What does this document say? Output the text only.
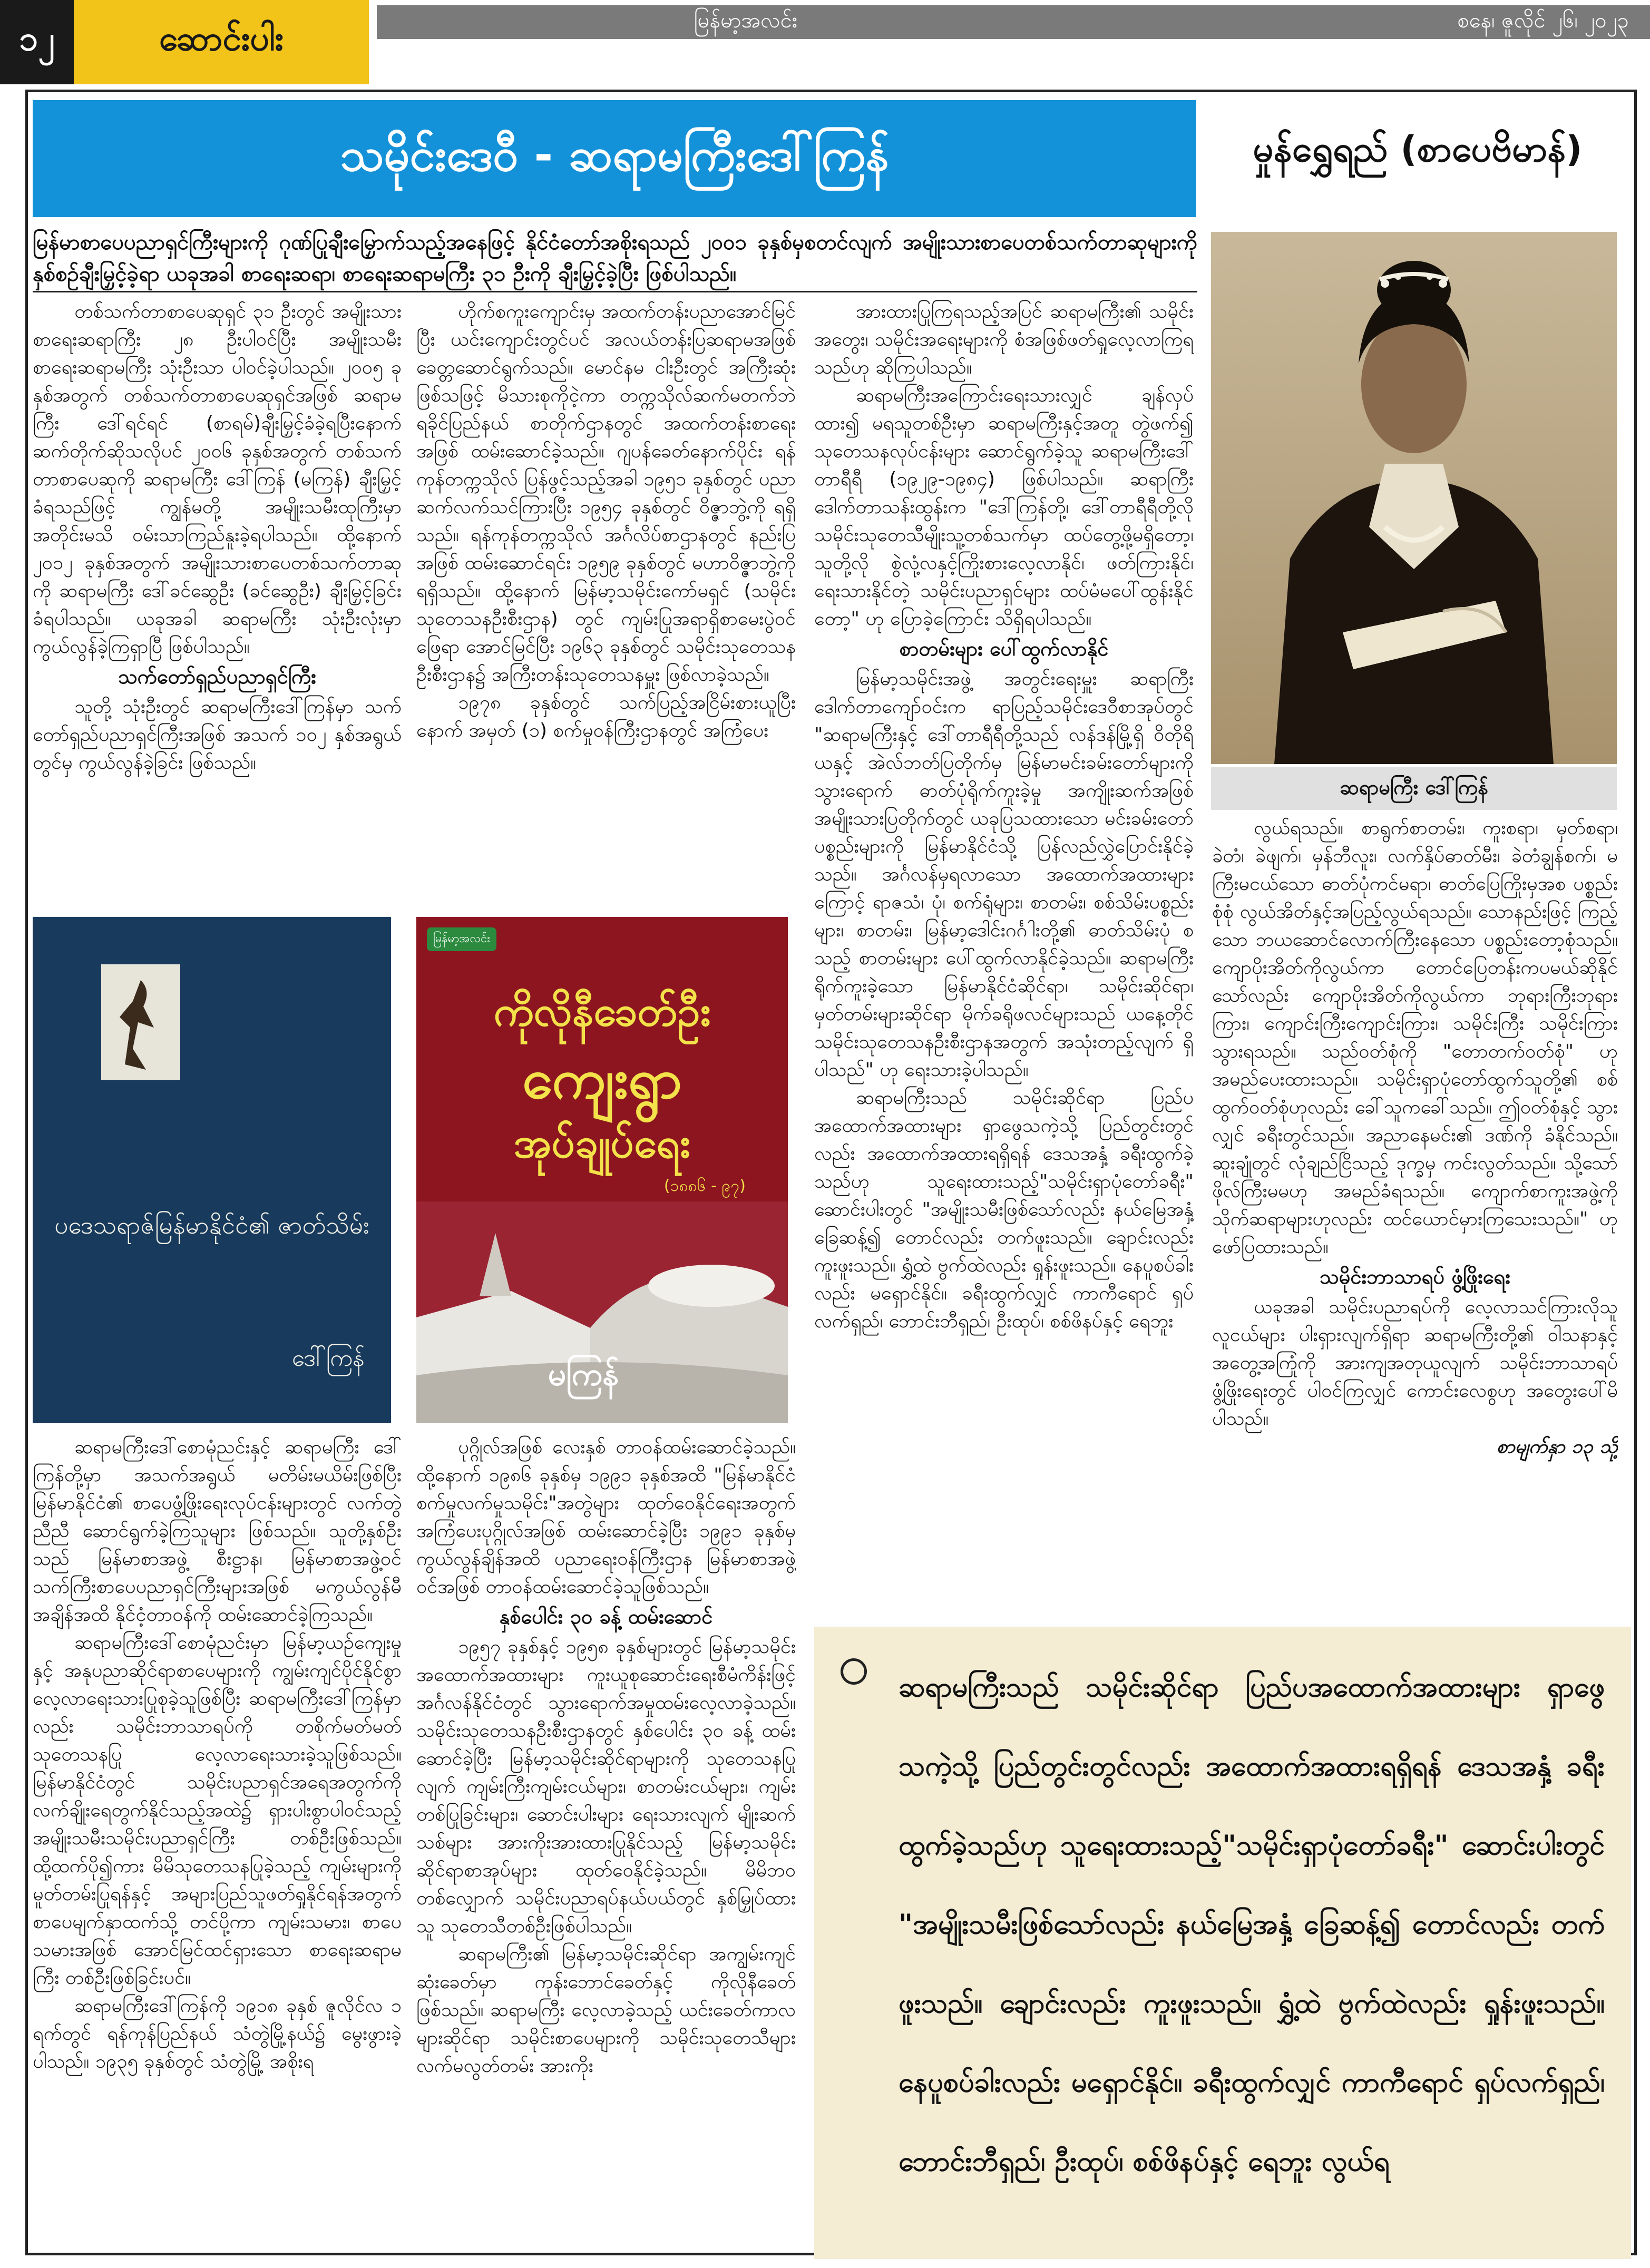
၁၂	ဆောင်းပါး	မြန်မာ့အလင်း	စနေ၊ ဇူလိုင် ၂၆၊ ၂၀၂၃
သမိုင်းဒေဝီ - ဆရာမကြီးဒေါ်ကြန်	မှုန်ရွှေရည် (စာပေဗိမာန်)
မြန်မာစာပေပညာရှင်ကြီးများကို ဂုဏ်ပြုချီးမြှောက်သည့်အနေဖြင့် နိုင်ငံတော်အစိုးရသည် ၂၀၀၁ ခုနှစ်မှစတင်လျက် အမျိုးသားစာပေတစ်သက်တာဆုများကို နှစ်စဉ်ချီးမြှင့်ခဲ့ရာ ယခုအခါ စာရေးဆရာ၊ စာရေးဆရာမကြီး ၃၁ ဦးကို ချီးမြှင့်ခဲ့ပြီး ဖြစ်ပါသည်။
ဆရာမကြီး ဒေါ်ကြန်

တစ်သက်တာစာပေဆုရှင် ၃၁ ဦးတွင် အမျိုးသားစာရေးဆရာကြီး ၂၈ ဦးပါဝင်ပြီး အမျိုးသမီး စာရေးဆရာမကြီး သုံးဦးသာ ပါဝင်ခဲ့ပါသည်။ ၂၀၀၅ ခုနှစ်အတွက် တစ်သက်တာစာပေဆုရှင်အဖြစ် ဆရာမကြီး ဒေါ်ရင်ရင် (စာရမ်)ချီးမြှင့်ခံခဲ့ရပြီးနောက် ဆက်တိုက်ဆိုသလိုပင် ၂၀၀၆ ခုနှစ်အတွက် တစ်သက်တာစာပေဆုကို ဆရာမကြီး ဒေါ်ကြန် (မကြန်) ချီးမြှင့်ခံရသည်ဖြင့် ကျွန်မတို့ အမျိုးသမီးထုကြီးမှာ အတိုင်းမသိ ဝမ်းသာကြည်နူးခဲ့ရပါသည်။ ထို့နောက် ၂၀၁၂ ခုနှစ်အတွက် အမျိုးသားစာပေတစ်သက်တာဆုကို ဆရာမကြီး ဒေါ်ခင်ဆွေဦး (ခင်ဆွေဦး) ချီးမြှင့်ခြင်းခံရပါသည်။ ယခုအခါ ဆရာမကြီး သုံးဦးလုံးမှာ ကွယ်လွန်ခဲ့ကြရှာပြီ ဖြစ်ပါသည်။

သက်တော်ရှည်ပညာရှင်ကြီး

သူတို့ သုံးဦးတွင် ဆရာမကြီးဒေါ်ကြန်မှာ သက်တော်ရှည်ပညာရှင်ကြီးအဖြစ် အသက် ၁၀၂ နှစ်အရွယ်တွင်မှ ကွယ်လွန်ခဲ့ခြင်း ဖြစ်သည်။

ပဒေသရာဇ်မြန်မာနိုင်ငံ၏ ဇာတ်သိမ်း
ဒေါ်ကြန်

ဆရာမကြီးဒေါ်စောမုံညင်းနှင့် ဆရာမကြီး ဒေါ်ကြန်တို့မှာ အသက်အရွယ် မတိမ်းမယိမ်းဖြစ်ပြီး မြန်မာနိုင်ငံ၏ စာပေဖွံ့ဖြိုးရေးလုပ်ငန်းများတွင် လက်တွဲညီညီ ဆောင်ရွက်ခဲ့ကြသူများ ဖြစ်သည်။ သူတို့နှစ်ဦးသည် မြန်မာစာအဖွဲ့ စီးဋ္ဌာန၊ မြန်မာစာအဖွဲ့ဝင် သက်ကြီးစာပေပညာရှင်ကြီးများအဖြစ် မကွယ်လွန်မီအချိန်အထိ နိုင်ငံ့တာဝန်ကို ထမ်းဆောင်ခဲ့ကြသည်။

ဆရာမကြီးဒေါ်စောမုံညင်းမှာ မြန်မာ့ယဉ်ကျေးမှုနှင့် အနုပညာဆိုင်ရာစာပေများကို ကျွမ်းကျင်ပိုင်နိုင်စွာ လေ့လာရေးသားပြုစုခဲ့သူဖြစ်ပြီး ဆရာမကြီးဒေါ်ကြန်မှာလည်း သမိုင်းဘာသာရပ်ကို တစိုက်မတ်မတ် သုတေသနပြု လေ့လာရေးသားခဲ့သူဖြစ်သည်။ မြန်မာနိုင်ငံတွင် သမိုင်းပညာရှင်အရေအတွက်ကို လက်ချိုးရေတွက်နိုင်သည့်အထဲ၌ ရှားပါးစွာပါဝင်သည့် အမျိုးသမီးသမိုင်းပညာရှင်ကြီး တစ်ဦးဖြစ်သည်။ ထို့ထက်ပို၍ကား မိမိသုတေသနပြုခဲ့သည့် ကျမ်းများကို မူတ်တမ်းပြုရန်နှင့် အများပြည်သူဖတ်ရှုနိုင်ရန်အတွက် စာပေမျက်နှာထက်သို့ တင်ပို့ကာ ကျမ်းသမား၊ စာပေသမားအဖြစ် အောင်မြင်ထင်ရှားသော စာရေးဆရာမကြီး တစ်ဦးဖြစ်ခြင်းပင်။

ဆရာမကြီးဒေါ်ကြန်ကို ၁၉၁၈ ခုနှစ် ဇူလိုင်လ ၁ ရက်တွင် ရန်ကုန်ပြည်နယ် သံတွဲမြို့နယ်၌ မွေးဖွားခဲ့ပါသည်။ ၁၉၃၅ ခုနှစ်တွင် သံတွဲမြို့ အစိုးရ

ဟိုက်စကူးကျောင်းမှ အထက်တန်းပညာအောင်မြင်ပြီး ယင်းကျောင်းတွင်ပင် အလယ်တန်းပြဆရာမအဖြစ် ခေတ္တဆောင်ရွက်သည်။ မောင်နမ ငါးဦးတွင် အကြီးဆုံးဖြစ်သဖြင့် မိသားစုကိုငဲ့ကာ တက္ကသိုလ်ဆက်မတက်ဘဲ ရခိုင်ပြည်နယ် စာတိုက်ဌာနတွင် အထက်တန်းစာရေးအဖြစ် ထမ်းဆောင်ခဲ့သည်။ ဂျပန်ခေတ်နောက်ပိုင်း ရန်ကုန်တက္ကသိုလ် ပြန်ဖွင့်သည့်အခါ ၁၉၅၁ ခုနှစ်တွင် ပညာဆက်လက်သင်ကြားပြီး ၁၉၅၄ ခုနှစ်တွင် ဝိဇ္ဇာဘွဲ့ကို ရရှိသည်။ ရန်ကုန်တက္ကသိုလ် အင်္ဂလိပ်စာဌာနတွင် နည်းပြအဖြစ် ထမ်းဆောင်ရင်း ၁၉၅၉ ခုနှစ်တွင် မဟာဝိဇ္ဇာဘွဲ့ကို ရရှိသည်။ ထို့နောက် မြန်မာ့သမိုင်းကော်မရှင် (သမိုင်းသုတေသနဦးစီးဌာန) တွင် ကျမ်းပြုအရာရှိစာမေးပွဲဝင်ဖြေရာ အောင်မြင်ပြီး ၁၉၆၃ ခုနှစ်တွင် သမိုင်းသုတေသနဦးစီးဌာန၌ အကြီးတန်းသုတေသနမှူး ဖြစ်လာခဲ့သည်။

၁၉၇၈ ခုနှစ်တွင် သက်ပြည့်အငြိမ်းစားယူပြီးနောက် အမှတ် (၁) စက်မှုဝန်ကြီးဌာနတွင် အကြံပေး

မြန်မာ့အလင်း
ကိုလိုနီခေတ်ဦး
ကျေးရွာ
အုပ်ချုပ်ရေး
(၁၈၈၆ - ၉၇)
မကြန်

ပုဂ္ဂိုလ်အဖြစ် လေးနှစ် တာဝန်ထမ်းဆောင်ခဲ့သည်။ ထို့နောက် ၁၉၈၆ ခုနှစ်မှ ၁၉၉၁ ခုနှစ်အထိ "မြန်မာနိုင်ငံ စက်မှုလက်မှုသမိုင်း"အတွဲများ ထုတ်ဝေနိုင်ရေးအတွက် အကြံပေးပုဂ္ဂိုလ်အဖြစ် ထမ်းဆောင်ခဲ့ပြီး ၁၉၉၁ ခုနှစ်မှ ကွယ်လွန်ချိန်အထိ ပညာရေးဝန်ကြီးဌာန မြန်မာစာအဖွဲ့ဝင်အဖြစ် တာဝန်ထမ်းဆောင်ခဲ့သူဖြစ်သည်။

နှစ်ပေါင်း ၃၀ ခန့် ထမ်းဆောင်

၁၉၅၇ ခုနှစ်နှင့် ၁၉၅၈ ခုနှစ်များတွင် မြန်မာ့သမိုင်းအထောက်အထားများ ကူးယူစုဆောင်းရေးစီမံကိန်းဖြင့် အင်္ဂလန်နိုင်ငံတွင် သွားရောက်အမှုထမ်းလေ့လာခဲ့သည်။ သမိုင်းသုတေသနဦးစီးဌာနတွင် နှစ်ပေါင်း ၃၀ ခန့် ထမ်းဆောင်ခဲ့ပြီး မြန်မာ့သမိုင်းဆိုင်ရာများကို သုတေသနပြုလျက် ကျမ်းကြီးကျမ်းငယ်များ၊ စာတမ်းငယ်များ၊ ကျမ်းတစ်ပြုခြင်းများ၊ ဆောင်းပါးများ ရေးသားလျက် မျိုးဆက်သစ်များ အားကိုးအားထားပြုနိုင်သည့် မြန်မာ့သမိုင်းဆိုင်ရာစာအုပ်များ ထုတ်ဝေနိုင်ခဲ့သည်။ မိမိဘဝတစ်လျှောက် သမိုင်းပညာရပ်နယ်ပယ်တွင် နှစ်မြှုပ်ထားသူ သုတေသီတစ်ဦးဖြစ်ပါသည်။

ဆရာမကြီး၏ မြန်မာ့သမိုင်းဆိုင်ရာ အကျွမ်းကျင်ဆုံးခေတ်မှာ ကုန်းဘောင်ခေတ်နှင့် ကိုလိုနီခေတ်ဖြစ်သည်။ ဆရာမကြီး လေ့လာခဲ့သည့် ယင်းခေတ်ကာလများဆိုင်ရာ သမိုင်းစာပေများကို သမိုင်းသုတေသီများ လက်မလွတ်တမ်း အားကိုး

အားထားပြုကြရသည့်အပြင် ဆရာမကြီး၏ သမိုင်းအတွေး၊ သမိုင်းအရေးများကို စံအဖြစ်ဖတ်ရှုလေ့လာကြရသည်ဟု ဆိုကြပါသည်။

ဆရာမကြီးအကြောင်းရေးသားလျှင် ချန်လှပ်ထား၍ မရသူတစ်ဦးမှာ ဆရာမကြီးနှင့်အတူ တွဲဖက်၍ သုတေသနလုပ်ငန်းများ ဆောင်ရွက်ခဲ့သူ ဆရာမကြီးဒေါ်တာရီရီ (၁၉၂၉-၁၉၈၄) ဖြစ်ပါသည်။ ဆရာကြီး ဒေါက်တာသန်းထွန်းက "ဒေါ်ကြန်တို့၊ ဒေါ်တာရီရီတို့လို သမိုင်းသုတေသီမျိုးသူ့တစ်သက်မှာ ထပ်တွေ့ဖို့မရှိတော့၊ သူတို့လို စွဲလုံ့လနှင့်ကြိုးစားလေ့လာနိုင်၊ ဖတ်ကြားနိုင်၊ ရေးသားနိုင်တဲ့ သမိုင်းပညာရှင်များ ထပ်မံမပေါ်ထွန်းနိုင်တော့" ဟု ပြောခဲ့ကြောင်း သိရှိရပါသည်။

စာတမ်းများ ပေါ်ထွက်လာနိုင်

မြန်မာ့သမိုင်းအဖွဲ့ အတွင်းရေးမှူး ဆရာကြီး ဒေါက်တာကျော်ဝင်းက ရာပြည့်သမိုင်းဒေဝီစာအုပ်တွင် "ဆရာမကြီးနှင့် ဒေါ်တာရီရီတို့သည် လန်ဒန်မြို့ရှိ ဝိတိုရိယနှင့် အဲလ်ဘတ်ပြတိုက်မှ မြန်မာမင်းခမ်းတော်များကို သွားရောက် ဓာတ်ပုံရိုက်ကူးခဲ့မှု အကျိုးဆက်အဖြစ် အမျိုးသားပြတိုက်တွင် ယခုပြသထားသော မင်းခမ်းတော်ပစ္စည်းများကို မြန်မာနိုင်ငံသို့ ပြန်လည်လွှဲပြောင်းနိုင်ခဲ့သည်။ အင်္ဂလန်မှရလာသော အထောက်အထားများကြောင့် ရာဇသံ၊ ပုံ၊ စက်ရုံများ၊ စာတမ်း၊ စစ်သိမ်းပစ္စည်းများ၊ စာတမ်း၊ မြန်မာ့ဒေါင်းဂင်္ဂါးတို့၏ ဓာတ်သိမ်းပုံ စသည့် စာတမ်းများ ပေါ်ထွက်လာနိုင်ခဲ့သည်။ ဆရာမကြီးရိုက်ကူးခဲ့သော မြန်မာနိုင်ငံဆိုင်ရာ၊ သမိုင်းဆိုင်ရာ၊ မှတ်တမ်းများဆိုင်ရာ မိုက်ခရိုဖလင်များသည် ယနေ့တိုင် သမိုင်းသုတေသနဦးစီးဌာနအတွက် အသုံးတည့်လျက် ရှိပါသည်" ဟု ရေးသားခဲ့ပါသည်။

ဆရာမကြီးသည် သမိုင်းဆိုင်ရာ ပြည်ပအထောက်အထားများ ရှာဖွေသကဲ့သို့ ပြည်တွင်းတွင်လည်း အထောက်အထားရရှိရန် ဒေသအနှံ့ ခရီးထွက်ခဲ့သည်ဟု သူရေးထားသည့်"သမိုင်းရှာပုံတော်ခရီး" ဆောင်းပါးတွင် "အမျိုးသမီးဖြစ်သော်လည်း နယ်မြေအနှံ့ ခြေဆန့်၍ တောင်လည်း တက်ဖူးသည်။ ချောင်းလည်း ကူးဖူးသည်။ ရွှံ့ထဲ ဗွက်ထဲလည်း ရှုန်းဖူးသည်။ နေပူစပ်ခါးလည်း မရှောင်နိုင်။ ခရီးထွက်လျှင် ကာကီရောင် ရှပ်လက်ရှည်၊ ဘောင်းဘီရှည်၊ ဦးထုပ်၊ စစ်ဖိနပ်နှင့် ရေဘူး

လွယ်ရသည်။ စာရွက်စာတမ်း၊ ကူးစရာ၊ မှတ်စရာ၊ ခဲတံ၊ ခဲဖျက်၊ မှန်ဘီလူး၊ လက်နှိပ်ဓာတ်မီး၊ ခဲတံချွန်စက်၊ မကြီးမငယ်သော ဓာတ်ပုံကင်မရာ၊ ဓာတ်ပြေကြိုးမှအစ ပစ္စည်းစုံစုံ လွယ်အိတ်နှင့်အပြည့်လွယ်ရသည်။ သောနည်းဖြင့် ကြည့်သော ဘယဆောင်လောက်ကြီးနေသော ပစ္စည်းတော့စုံသည်။ ကျောပိုးအိတ်ကိုလွယ်ကာ တောင်ပြေတန်းကပမယ်ဆိုနိုင်သော်လည်း ကျောပိုးအိတ်ကိုလွယ်ကာ ဘုရားကြီးဘုရားကြား၊ ကျောင်းကြီးကျောင်းကြား၊ သမိုင်းကြီး သမိုင်းကြား သွားရသည်။ သည်ဝတ်စုံကို "တောတက်ဝတ်စုံ" ဟု အမည်ပေးထားသည်။ သမိုင်းရှာပုံတော်ထွက်သူတို့၏ စစ်ထွက်ဝတ်စုံဟုလည်း ခေါ်သူကခေါ်သည်။ ဤဝတ်စုံနှင့် သွားလျှင် ခရီးတွင်သည်။ အညာနေမင်း၏ ဒဏ်ကို ခံနိုင်သည်။ ဆူးချုံတွင် လုံချည်ငြိသည့် ဒုက္ခမှ ကင်းလွတ်သည်။ သို့သော် ဖိုလ်ကြီးမမဟု အမည်ခံရသည်။ ကျောက်စာကူးအဖွဲ့ကို သိုက်ဆရာများဟုလည်း ထင်ယောင်မှားကြသေးသည်။" ဟု ဖော်ပြထားသည်။

သမိုင်းဘာသာရပ် ဖွံ့ဖြိုးရေး

ယခုအခါ သမိုင်းပညာရပ်ကို လေ့လာသင်ကြားလိုသူ လူငယ်များ ပါးရှားလျက်ရှိရာ ဆရာမကြီးတို့၏ ဝါသနာနှင့် အတွေ့အကြုံကို အားကျအတုယူလျက် သမိုင်းဘာသာရပ် ဖွံ့ဖြိုးရေးတွင် ပါဝင်ကြလျှင် ကောင်းလေစွဟု အတွေးပေါ်မိပါသည်။

စာမျက်နှာ ၁၃ သို့
ဆရာမကြီးသည် သမိုင်းဆိုင်ရာ ပြည်ပအထောက်အထားများ ရှာဖွေသကဲ့သို့ ပြည်တွင်းတွင်လည်း အထောက်အထားရရှိရန် ဒေသအနှံ့ ခရီးထွက်ခဲ့သည်ဟု သူရေးထားသည့်"သမိုင်းရှာပုံတော်ခရီး" ဆောင်းပါးတွင် "အမျိုးသမီးဖြစ်သော်လည်း နယ်မြေအနှံ့ ခြေဆန့်၍ တောင်လည်း တက်ဖူးသည်။ ချောင်းလည်း ကူးဖူးသည်။ ရွှံ့ထဲ ဗွက်ထဲလည်း ရှုန်းဖူးသည်။ နေပူစပ်ခါးလည်း မရှောင်နိုင်။ ခရီးထွက်လျှင် ကာကီရောင် ရှပ်လက်ရှည်၊ ဘောင်းဘီရှည်၊ ဦးထုပ်၊ စစ်ဖိနပ်နှင့် ရေဘူး လွယ်ရ
